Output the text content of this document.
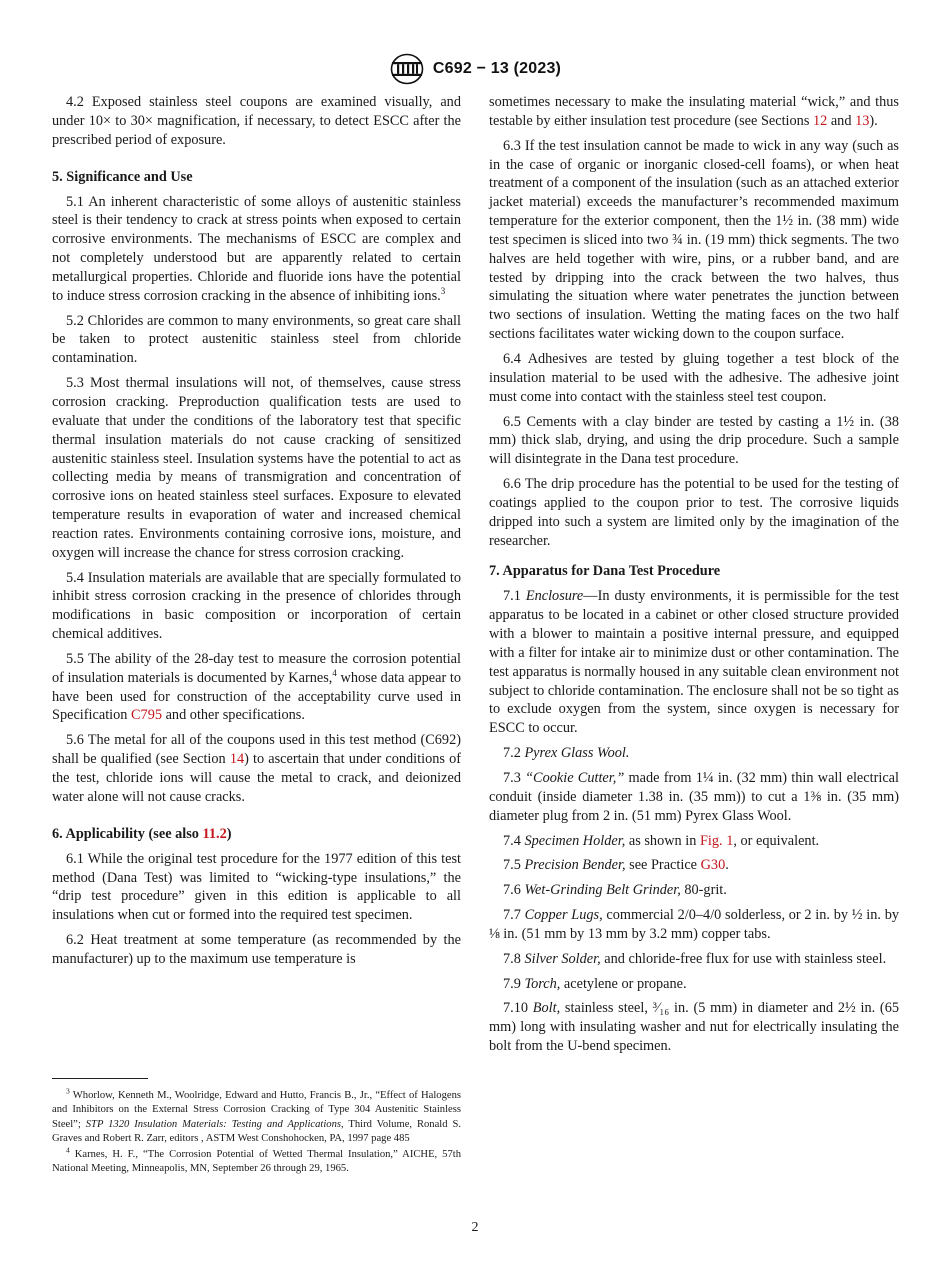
C692 − 13 (2023)

4.2 Exposed stainless steel coupons are examined visually, and under 10× to 30× magnification, if necessary, to detect ESCC after the prescribed period of exposure.

5. Significance and Use

5.1 An inherent characteristic of some alloys of austenitic stainless steel is their tendency to crack at stress points when exposed to certain corrosive environments. The mechanisms of ESCC are complex and not completely understood but are apparently related to certain metallurgical properties. Chloride and fluoride ions have the potential to induce stress corrosion cracking in the absence of inhibiting ions.$^3$

5.2 Chlorides are common to many environments, so great care shall be taken to protect austenitic stainless steel from chloride contamination.

5.3 Most thermal insulations will not, of themselves, cause stress corrosion cracking. Preproduction qualification tests are used to evaluate that under the conditions of the laboratory test that specific thermal insulation materials do not cause cracking of sensitized austenitic stainless steel. Insulation systems have the potential to act as collecting media by means of transmigration and concentration of corrosive ions on heated stainless steel surfaces. Exposure to elevated temperature results in evaporation of water and increased chemical reaction rates. Environments containing corrosive ions, moisture, and oxygen will increase the chance for stress corrosion cracking.

5.4 Insulation materials are available that are specially formulated to inhibit stress corrosion cracking in the presence of chlorides through modifications in basic composition or incorporation of certain chemical additives.

5.5 The ability of the 28-day test to measure the corrosion potential of insulation materials is documented by Karnes,$^4$ whose data appear to have been used for construction of the acceptability curve used in Specification C795 and other specifications.

5.6 The metal for all of the coupons used in this test method (C692) shall be qualified (see Section 14) to ascertain that under conditions of the test, chloride ions will cause the metal to crack, and deionized water alone will not cause cracks.

6. Applicability (see also 11.2)

6.1 While the original test procedure for the 1977 edition of this test method (Dana Test) was limited to “wicking-type insulations,” the “drip test procedure” given in this edition is applicable to all insulations when cut or formed into the required test specimen.

6.2 Heat treatment at some temperature (as recommended by the manufacturer) up to the maximum use temperature is

$^3$ Whorlow, Kenneth M., Woolridge, Edward and Hutto, Francis B., Jr., “Effect of Halogens and Inhibitors on the External Stress Corrosion Cracking of Type 304 Austenitic Stainless Steel”; STP 1320 Insulation Materials: Testing and Applications, Third Volume, Ronald S. Graves and Robert R. Zarr, editors , ASTM West Conshohocken, PA, 1997 page 485

$^4$ Karnes, H. F., “The Corrosion Potential of Wetted Thermal Insulation,” AICHE, 57th National Meeting, Minneapolis, MN, September 26 through 29, 1965.

sometimes necessary to make the insulating material “wick,” and thus testable by either insulation test procedure (see Sections 12 and 13).

6.3 If the test insulation cannot be made to wick in any way (such as in the case of organic or inorganic closed-cell foams), or when heat treatment of a component of the insulation (such as an attached exterior jacket material) exceeds the manufacturer’s recommended maximum temperature for the exterior component, then the 1½ in. (38 mm) wide test specimen is sliced into two ¾ in. (19 mm) thick segments. The two halves are held together with wire, pins, or a rubber band, and are tested by dripping into the crack between the two halves, thus simulating the situation where water penetrates the junction between two sections of insulation. Wetting the mating faces on the two half sections facilitates water wicking down to the coupon surface.

6.4 Adhesives are tested by gluing together a test block of the insulation material to be used with the adhesive. The adhesive joint must come into contact with the stainless steel test coupon.

6.5 Cements with a clay binder are tested by casting a 1½ in. (38 mm) thick slab, drying, and using the drip procedure. Such a sample will disintegrate in the Dana test procedure.

6.6 The drip procedure has the potential to be used for the testing of coatings applied to the coupon prior to test. The corrosive liquids dripped into such a system are limited only by the imagination of the researcher.

7. Apparatus for Dana Test Procedure

7.1 Enclosure—In dusty environments, it is permissible for the test apparatus to be located in a cabinet or other closed structure provided with a blower to maintain a positive internal pressure, and equipped with a filter for intake air to minimize dust or other contamination. The test apparatus is normally housed in any suitable clean environment not subject to chloride contamination. The enclosure shall not be so tight as to exclude oxygen from the system, since oxygen is necessary for ESCC to occur.

7.2 Pyrex Glass Wool.

7.3 “Cookie Cutter,” made from 1¼ in. (32 mm) thin wall electrical conduit (inside diameter 1.38 in. (35 mm)) to cut a 1⅜ in. (35 mm) diameter plug from 2 in. (51 mm) Pyrex Glass Wool.

7.4 Specimen Holder, as shown in Fig. 1, or equivalent.

7.5 Precision Bender, see Practice G30.

7.6 Wet-Grinding Belt Grinder, 80-grit.

7.7 Copper Lugs, commercial 2/0–4/0 solderless, or 2 in. by ½ in. by ⅛ in. (51 mm by 13 mm by 3.2 mm) copper tabs.

7.8 Silver Solder, and chloride-free flux for use with stainless steel.

7.9 Torch, acetylene or propane.

7.10 Bolt, stainless steel, ³⁄₁₆ in. (5 mm) in diameter and 2½ in. (65 mm) long with insulating washer and nut for electrically insulating the bolt from the U-bend specimen.

2
